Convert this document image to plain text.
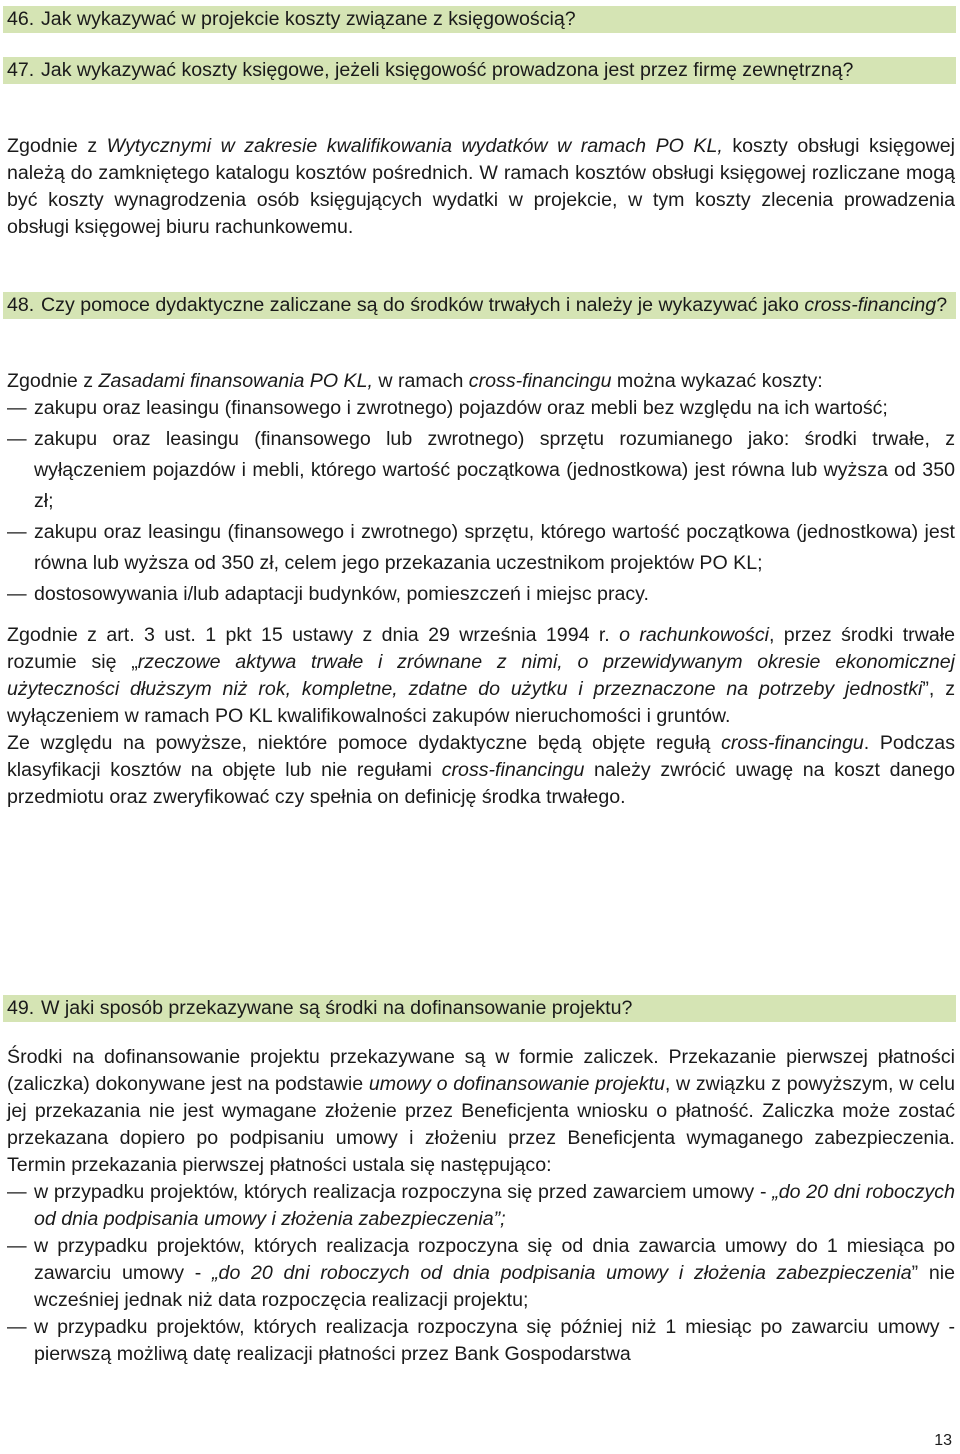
46. Jak wykazywać w projekcie koszty związane z księgowością?
47. Jak wykazywać koszty księgowe, jeżeli księgowość prowadzona jest przez firmę zewnętrzną?

Zgodnie z Wytycznymi w zakresie kwalifikowania wydatków w ramach PO KL, koszty obsługi księgowej należą do zamkniętego katalogu kosztów pośrednich. W ramach kosztów obsługi księgowej rozliczane mogą być koszty wynagrodzenia osób księgujących wydatki w projekcie, w tym koszty zlecenia prowadzenia obsługi księgowej biuru rachunkowemu.

48. Czy pomoce dydaktyczne zaliczane są do środków trwałych i należy je wykazywać jako cross-financing?

Zgodnie z Zasadami finansowania PO KL, w ramach cross-financingu można wykazać koszty:

— zakupu oraz leasingu (finansowego i zwrotnego) pojazdów oraz mebli bez względu na ich wartość;
— zakupu oraz leasingu (finansowego lub zwrotnego) sprzętu rozumianego jako: środki trwałe, z wyłączeniem pojazdów i mebli, którego wartość początkowa (jednostkowa) jest równa lub wyższa od 350 zł;
— zakupu oraz leasingu (finansowego i zwrotnego) sprzętu, którego wartość początkowa (jednostkowa) jest równa lub wyższa od 350 zł, celem jego przekazania uczestnikom projektów PO KL;
— dostosowywania i/lub adaptacji budynków, pomieszczeń i miejsc pracy.

Zgodnie z art. 3 ust. 1 pkt 15 ustawy z dnia 29 września 1994 r. o rachunkowości, przez środki trwałe rozumie się „rzeczowe aktywa trwałe i zrównane z nimi, o przewidywanym okresie ekonomicznej użyteczności dłuższym niż rok, kompletne, zdatne do użytku i przeznaczone na potrzeby jednostki”, z wyłączeniem w ramach PO KL kwalifikowalności zakupów nieruchomości i gruntów.

Ze względu na powyższe, niektóre pomoce dydaktyczne będą objęte regułą cross-financingu. Podczas klasyfikacji kosztów na objęte lub nie regułami cross-financingu należy zwrócić uwagę na koszt danego przedmiotu oraz zweryfikować czy spełnia on definicję środka trwałego.

49. W jaki sposób przekazywane są środki na dofinansowanie projektu?

Środki na dofinansowanie projektu przekazywane są w formie zaliczek. Przekazanie pierwszej płatności (zaliczka) dokonywane jest na podstawie umowy o dofinansowanie projektu, w związku z powyższym, w celu jej przekazania nie jest wymagane złożenie przez Beneficjenta wniosku o płatność. Zaliczka może zostać przekazana dopiero po podpisaniu umowy i złożeniu przez Beneficjenta wymaganego zabezpieczenia. Termin przekazania pierwszej płatności ustala się następująco:

— w przypadku projektów, których realizacja rozpoczyna się przed zawarciem umowy - „do 20 dni roboczych od dnia podpisania umowy i złożenia zabezpieczenia”;
— w przypadku projektów, których realizacja rozpoczyna się od dnia zawarcia umowy do 1 miesiąca po zawarciu umowy - „do 20 dni roboczych od dnia podpisania umowy i złożenia zabezpieczenia” nie wcześniej jednak niż data rozpoczęcia realizacji projektu;
— w przypadku projektów, których realizacja rozpoczyna się później niż 1 miesiąc po zawarciu umowy - pierwszą możliwą datę realizacji płatności przez Bank Gospodarstwa
13
